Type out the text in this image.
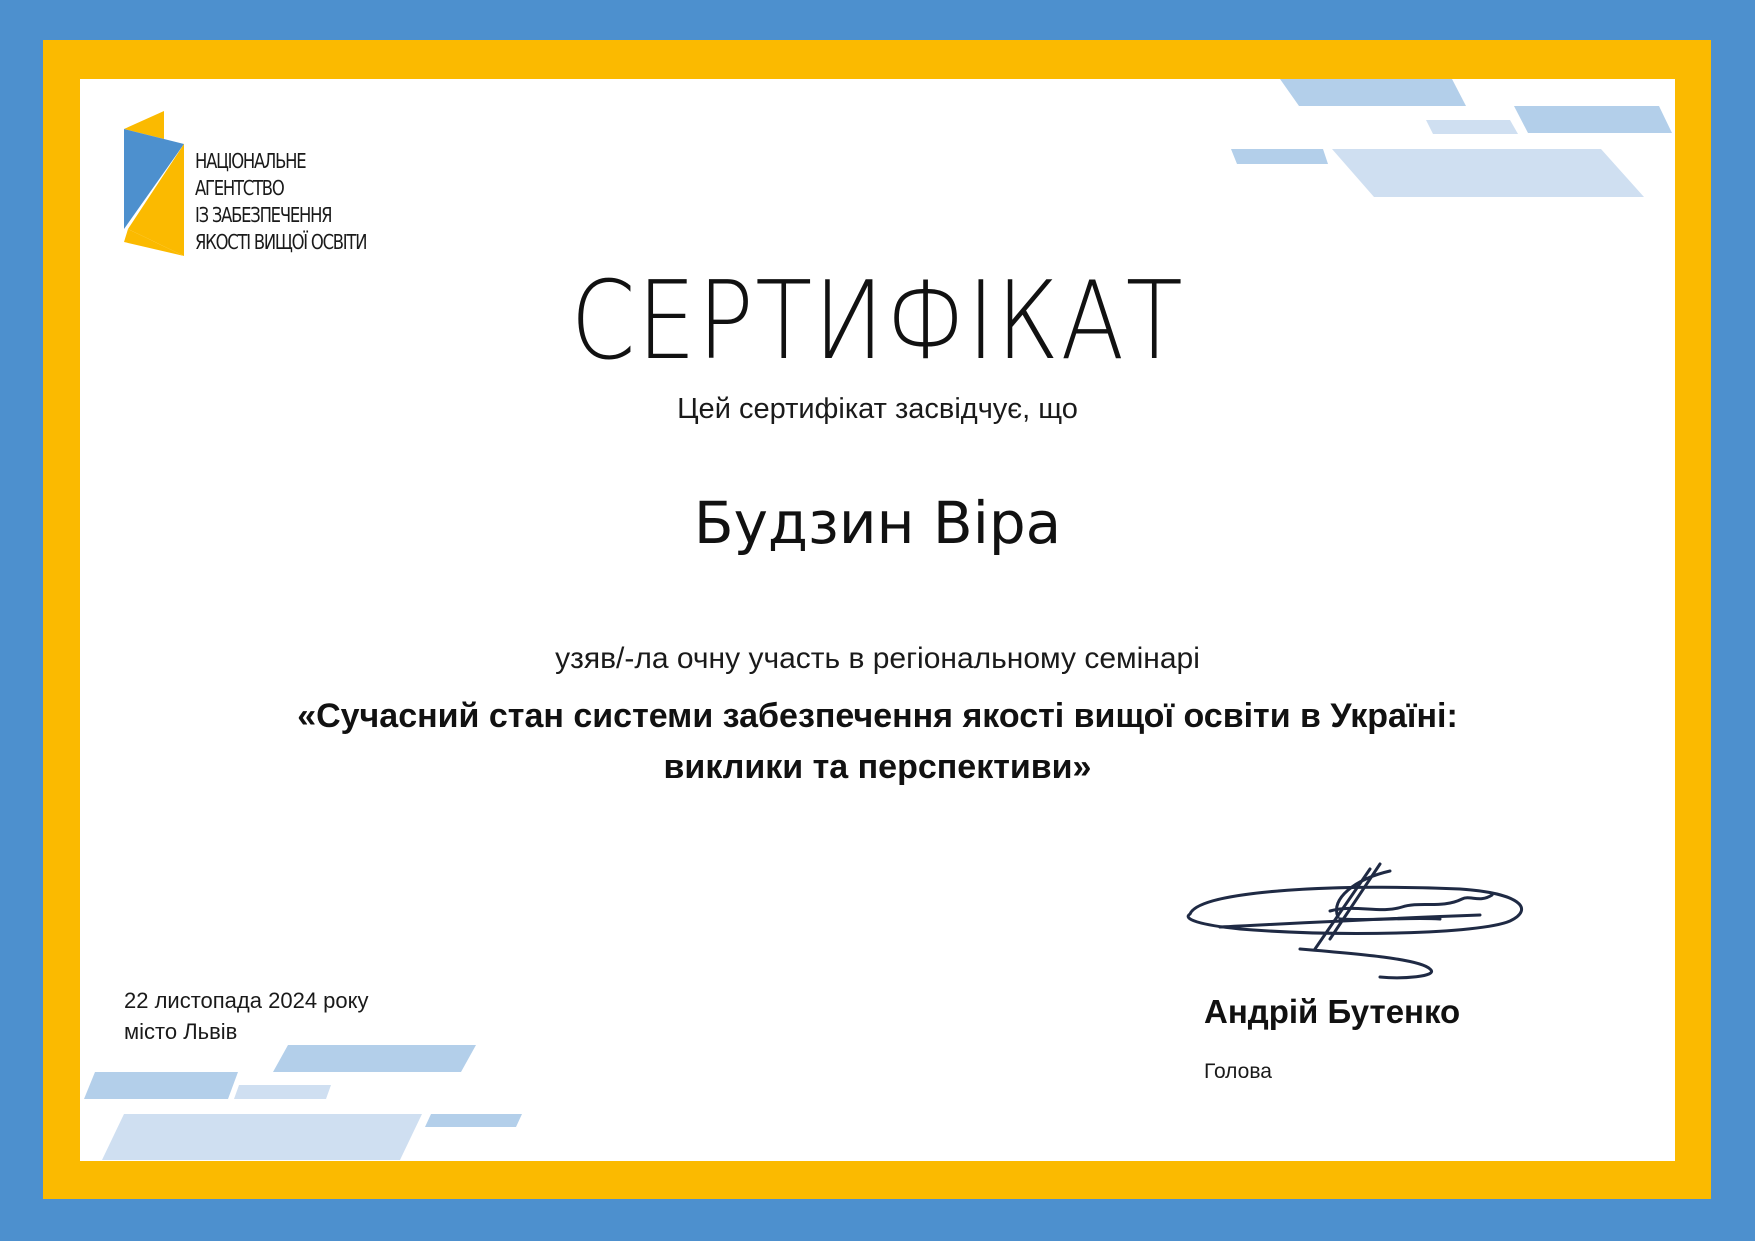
НАЦІОНАЛЬНЕ
АГЕНТСТВО
ІЗ ЗАБЕЗПЕЧЕННЯ
ЯКОСТІ ВИЩОЇ ОСВІТИ
СЕРТИФІКАТ
Цей сертифікат засвідчує, що
Будзин Віра
узяв/-ла очну участь в регіональному семінарі
«Сучасний стан системи забезпечення якості вищої освіти в Україні:
виклики та перспективи»
22 листопада 2024 року
місто Львів
Андрій Бутенко
Голова
